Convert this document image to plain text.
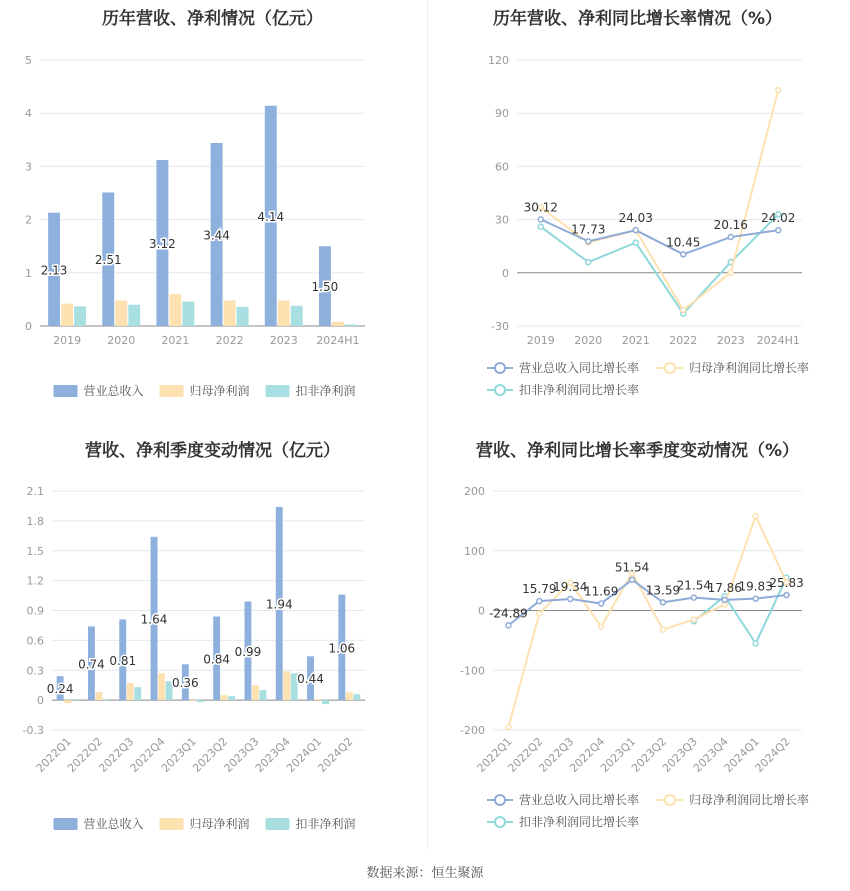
历年营收、净利情况（亿元）
0
1
2
3
4
5
2019 2020 2021 2022 2023 2024H1
2.13
2.51
3.12
3.44
4.14
1.50
营业总收入	归母净利润	扣非净利润
历年营收、净利同比增长率情况（%）
-30
0
30
60
90
120
2019 2020 2021 2022 2023 2024H1
30.12
17.73
24.03
10.45
20.16 24.02
营业总收入同比增长率	归母净利润同比增长率
扣非净利润同比增长率
营收、净利季度变动情况（亿元）
-0.3
0
0.3
0.6
0.9
1.2
1.5
1.8
2.1
2022Q1
2022Q2
2022Q3
2022Q4
2023Q1
2023Q2
2023Q3
2023Q4
2024Q1
2024Q2
0.24
0.74 0.81
1.64
0.36
0.84
0.99
1.94
0.44
1.06
营业总收入	归母净利润	扣非净利润
营收、净利同比增长率季度变动情况（%）
-200
-100
0
100
200
2022Q1
2022Q2
2022Q3
2022Q4
2023Q1
2023Q2
2023Q3
2023Q4
2024Q1
2024Q2
-24.89
15.79
19.34
11.69
51.54
13.59
21.54
17.86
19.83
25.83
营业总收入同比增长率	归母净利润同比增长率
扣非净利润同比增长率
数据来源：恒生聚源
